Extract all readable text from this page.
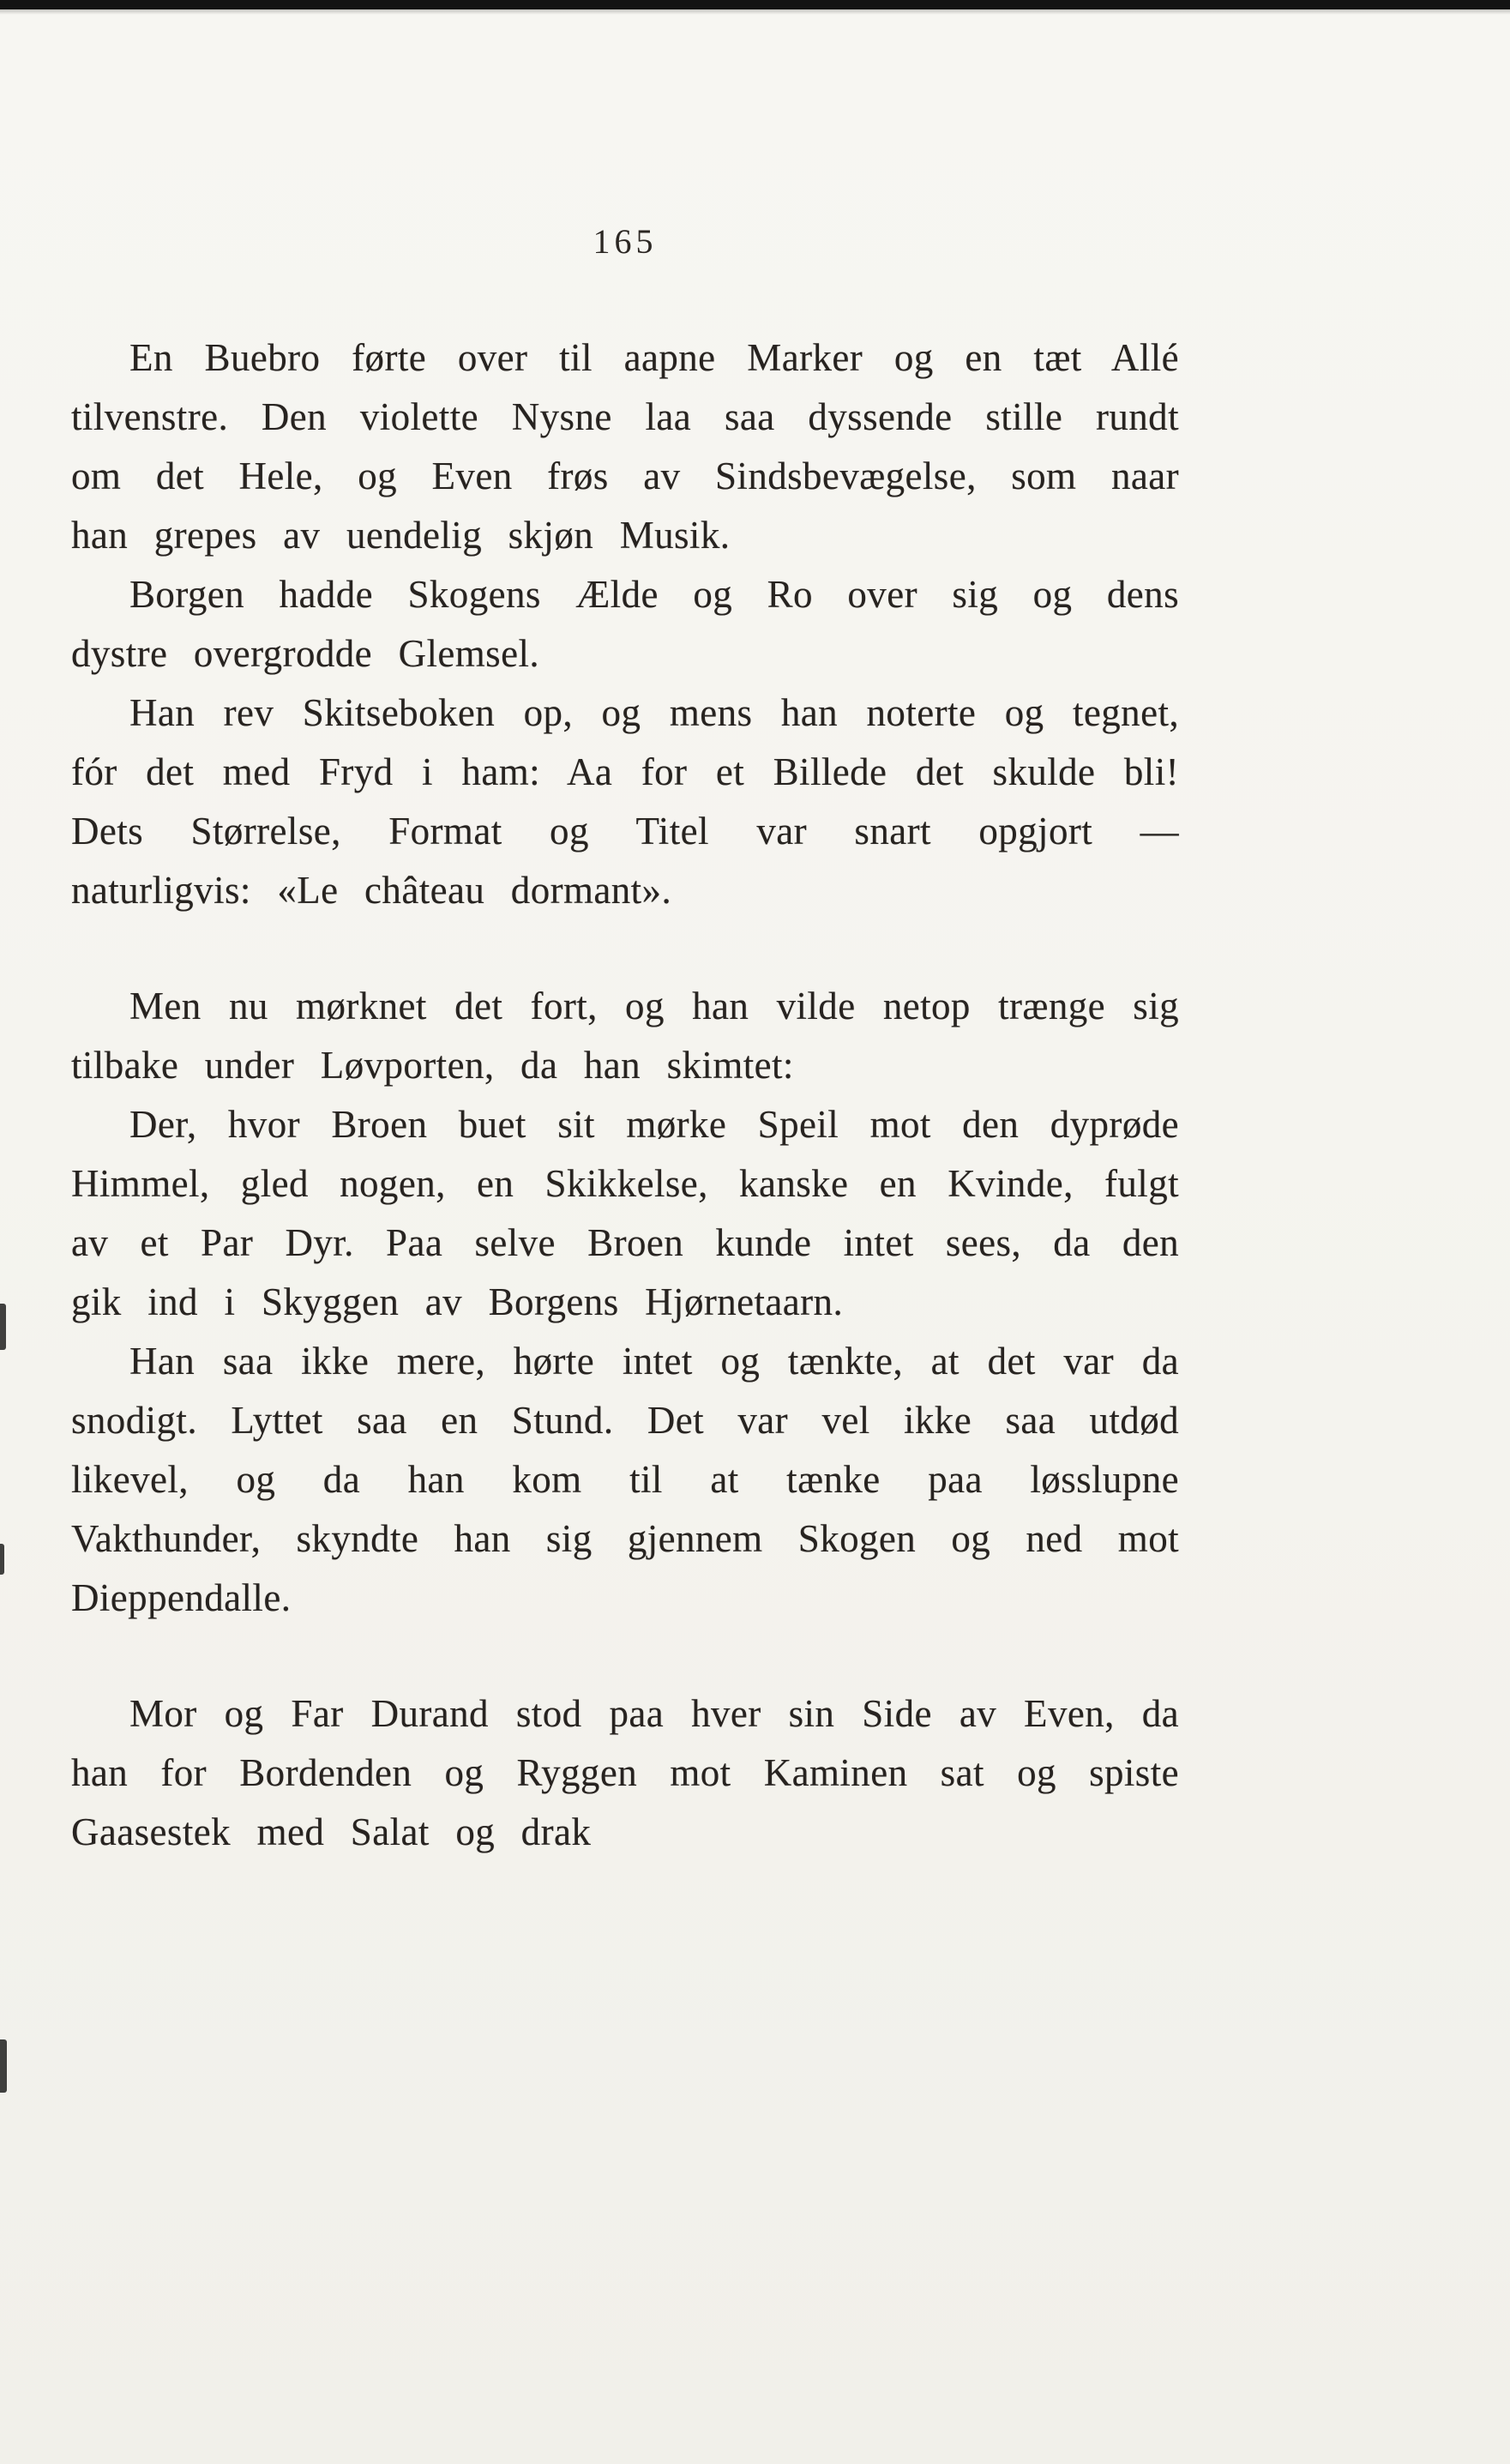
165

En Buebro førte over til aapne Marker og en tæt Allé tilvenstre. Den violette Nysne laa saa dyssende stille rundt om det Hele, og Even frøs av Sindsbevægelse, som naar han grepes av uendelig skjøn Musik.

Borgen hadde Skogens Ælde og Ro over sig og dens dystre overgrodde Glemsel.

Han rev Skitseboken op, og mens han noterte og tegnet, fór det med Fryd i ham: Aa for et Billede det skulde bli! Dets Størrelse, Format og Titel var snart opgjort — naturligvis: «Le château dormant».

Men nu mørknet det fort, og han vilde netop trænge sig tilbake under Løvporten, da han skimtet:

Der, hvor Broen buet sit mørke Speil mot den dyprøde Himmel, gled nogen, en Skikkelse, kanske en Kvinde, fulgt av et Par Dyr. Paa selve Broen kunde intet sees, da den gik ind i Skyggen av Borgens Hjørnetaarn.

Han saa ikke mere, hørte intet og tænkte, at det var da snodigt. Lyttet saa en Stund. Det var vel ikke saa utdød likevel, og da han kom til at tænke paa løsslupne Vakthunder, skyndte han sig gjennem Skogen og ned mot Dieppendalle.

Mor og Far Durand stod paa hver sin Side av Even, da han for Bordenden og Ryggen mot Kaminen sat og spiste Gaasestek med Salat og drak
